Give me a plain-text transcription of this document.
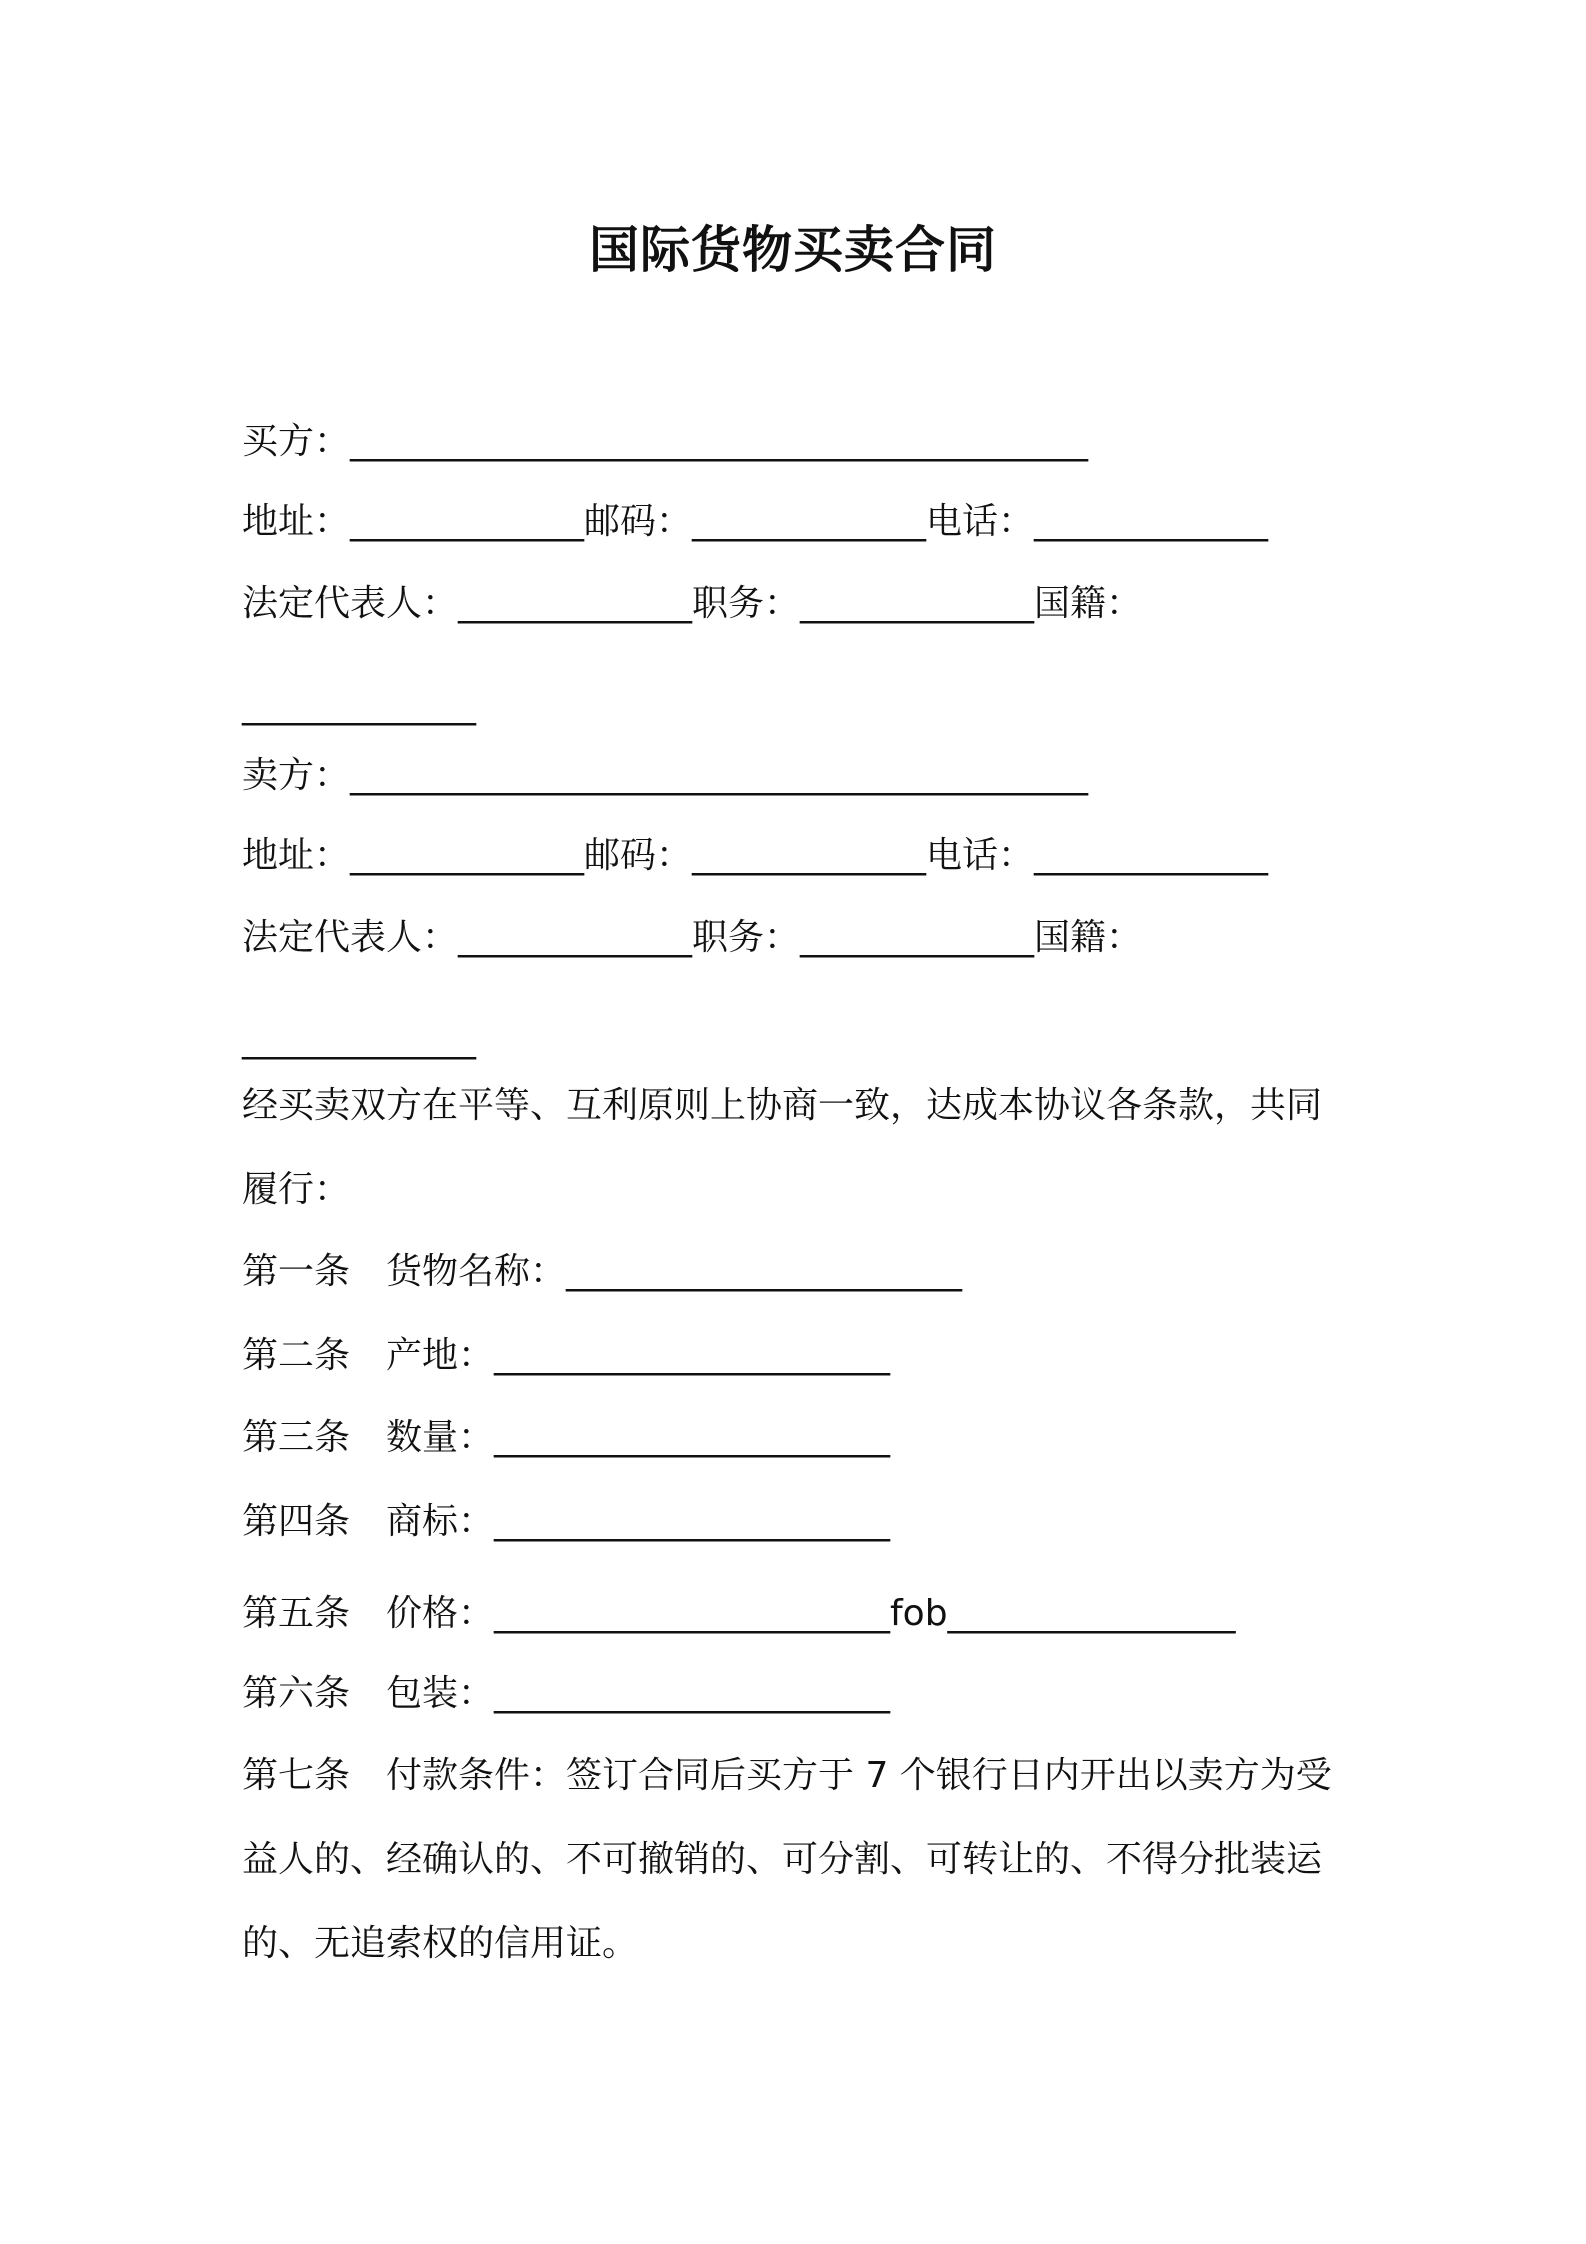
国际货物买卖合同
买方：_________________________________________
地址：_____________邮码：_____________电话：_____________
法定代表人：_____________职务：_____________国籍：
_____________
卖方：_________________________________________
地址：_____________邮码：_____________电话：_____________
法定代表人：_____________职务：_____________国籍：
_____________
经买卖双方在平等、互利原则上协商一致，达成本协议各条款，共同
履行：
第一条　货物名称：______________________
第二条　产地：______________________
第三条　数量：______________________
第四条　商标：______________________
第五条　价格：______________________fob________________
第六条　包装：______________________
第七条　付款条件：签订合同后买方于 7 个银行日内开出以卖方为受
益人的、经确认的、不可撤销的、可分割、可转让的、不得分批装运
的、无追索权的信用证。
